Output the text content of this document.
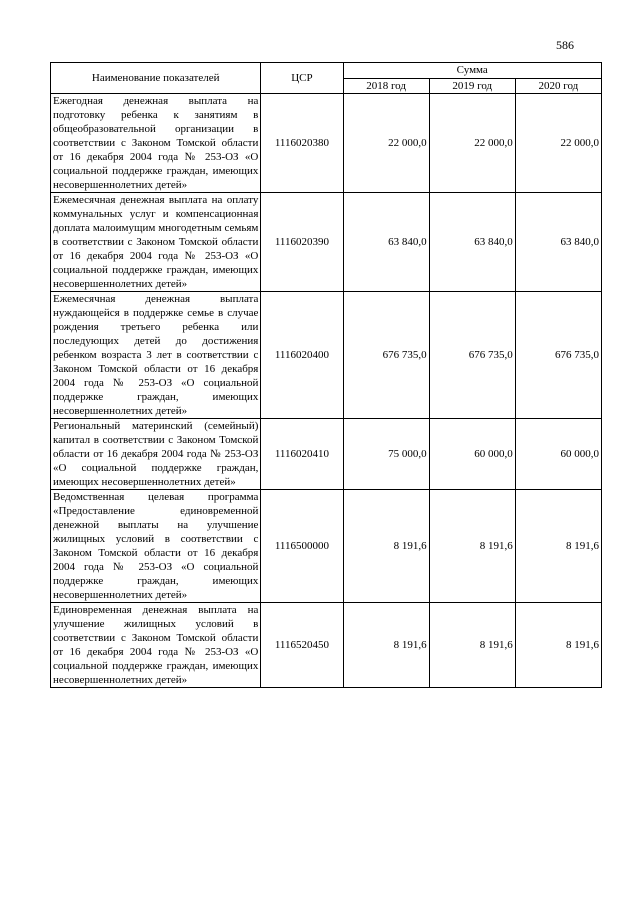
586
Наименование показателей	ЦСР	Сумма		
		2018 год	2019 год	2020 год
Ежегодная денежная выплата на подготовку ребенка к занятиям в общеобразовательной организации в соответствии с Законом Томской области от 16 декабря 2004 года № 253-ОЗ «О социальной поддержке граждан, имеющих несовершеннолетних детей»	1116020380	22 000,0	22 000,0	22 000,0
Ежемесячная денежная выплата на оплату коммунальных услуг и компенсационная доплата малоимущим многодетным семьям в соответствии с Законом Томской области от 16 декабря 2004 года № 253-ОЗ «О социальной поддержке граждан, имеющих несовершеннолетних детей»	1116020390	63 840,0	63 840,0	63 840,0
Ежемесячная денежная выплата нуждающейся в поддержке семье в случае рождения третьего ребенка или последующих детей до достижения ребенком возраста 3 лет в соответствии с Законом Томской области от 16 декабря 2004 года № 253-ОЗ «О социальной поддержке граждан, имеющих несовершеннолетних детей»	1116020400	676 735,0	676 735,0	676 735,0
Региональный материнский (семейный) капитал в соответствии с Законом Томской области от 16 декабря 2004 года № 253-ОЗ «О социальной поддержке граждан, имеющих несовершеннолетних детей»	1116020410	75 000,0	60 000,0	60 000,0
Ведомственная целевая программа «Предоставление единовременной денежной выплаты на улучшение жилищных условий в соответствии с Законом Томской области от 16 декабря 2004 года № 253-ОЗ «О социальной поддержке граждан, имеющих несовершеннолетних детей»	1116500000	8 191,6	8 191,6	8 191,6
Единовременная денежная выплата на улучшение жилищных условий в соответствии с Законом Томской области от 16 декабря 2004 года № 253-ОЗ «О социальной поддержке граждан, имеющих несовершеннолетних детей»	1116520450	8 191,6	8 191,6	8 191,6
